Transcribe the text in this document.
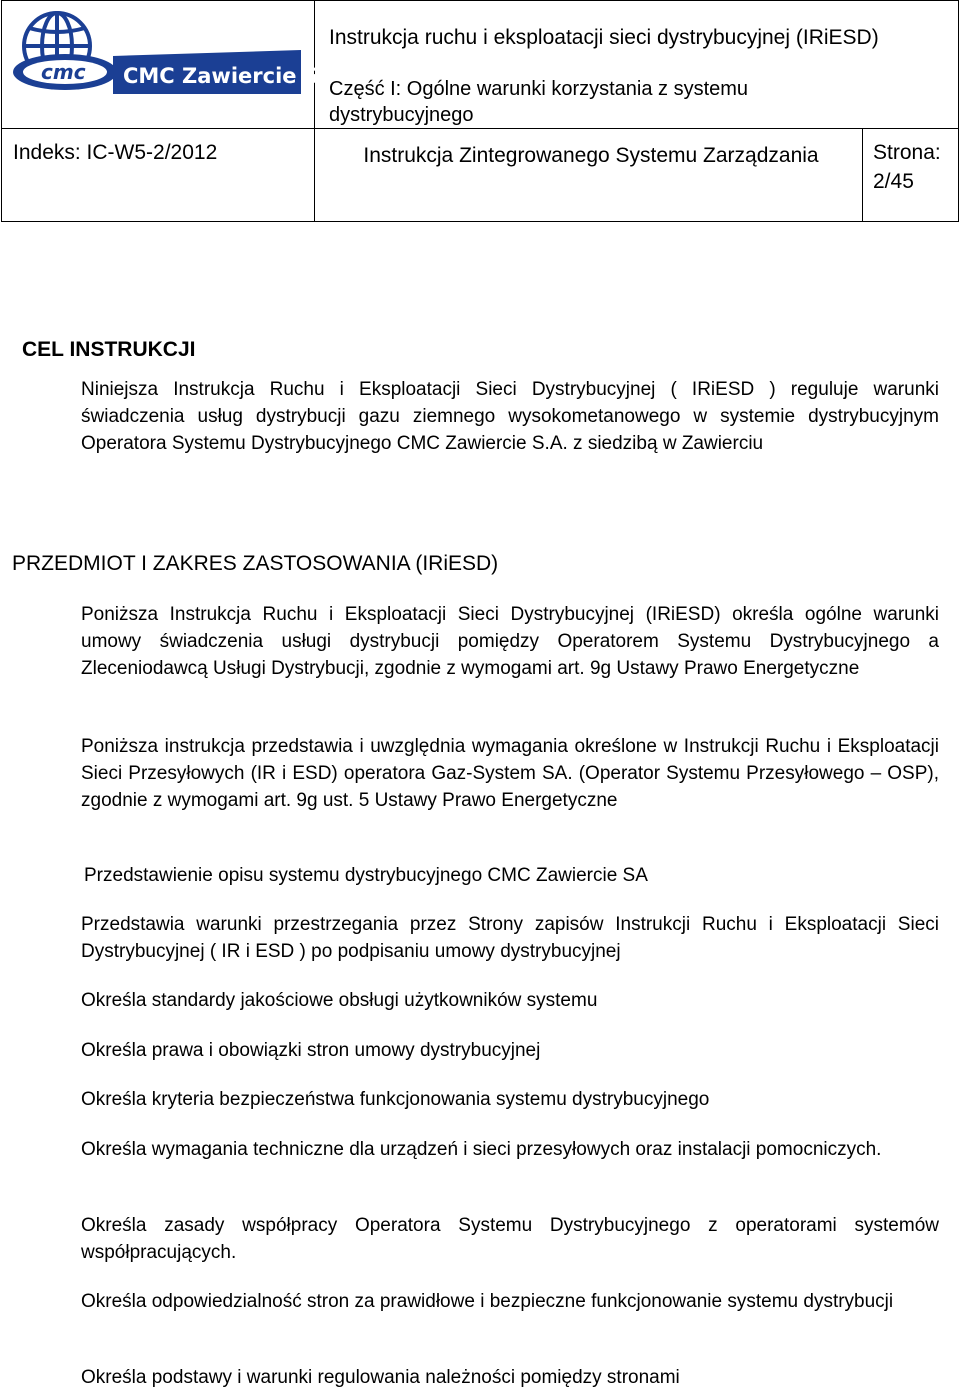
cmc CMC Zawiercie S.A.
Instrukcja ruchu i eksploatacji sieci dystrybucyjnej (IRiESD)
Część I: Ogólne warunki korzystania z systemu dystrybucyjnego
Indeks: IC-W5-2/2012	Instrukcja Zintegrowanego Systemu Zarządzania	Strona:
2/45
CEL INSTRUKCJI
Niniejsza Instrukcja Ruchu i Eksploatacji Sieci Dystrybucyjnej ( IRiESD ) reguluje warunki świadczenia usług dystrybucji gazu ziemnego wysokometanowego w systemie dystrybucyjnym Operatora Systemu Dystrybucyjnego CMC Zawiercie S.A. z siedzibą w Zawierciu
PRZEDMIOT I ZAKRES ZASTOSOWANIA (IRiESD)
Poniższa Instrukcja Ruchu i Eksploatacji Sieci Dystrybucyjnej (IRiESD) określa ogólne warunki umowy świadczenia usługi dystrybucji pomiędzy Operatorem Systemu Dystrybucyjnego a Zleceniodawcą Usługi Dystrybucji, zgodnie z wymogami art. 9g Ustawy Prawo Energetyczne
Poniższa instrukcja przedstawia i uwzględnia wymagania określone w Instrukcji Ruchu i Eksploatacji Sieci Przesyłowych (IR i ESD) operatora Gaz-System SA. (Operator Systemu Przesyłowego – OSP), zgodnie z wymogami art. 9g ust. 5 Ustawy Prawo Energetyczne
Przedstawienie opisu systemu dystrybucyjnego CMC Zawiercie SA
Przedstawia warunki przestrzegania przez Strony zapisów Instrukcji Ruchu i Eksploatacji Sieci Dystrybucyjnej ( IR i ESD ) po podpisaniu umowy dystrybucyjnej
Określa standardy jakościowe obsługi użytkowników systemu
Określa prawa i obowiązki stron umowy dystrybucyjnej
Określa kryteria bezpieczeństwa funkcjonowania systemu dystrybucyjnego
Określa wymagania techniczne dla urządzeń i sieci przesyłowych oraz instalacji pomocniczych.
Określa zasady współpracy Operatora Systemu Dystrybucyjnego z operatorami systemów współpracujących.
Określa odpowiedzialność stron za prawidłowe i bezpieczne funkcjonowanie systemu dystrybucji
Określa podstawy i warunki regulowania należności pomiędzy stronami
